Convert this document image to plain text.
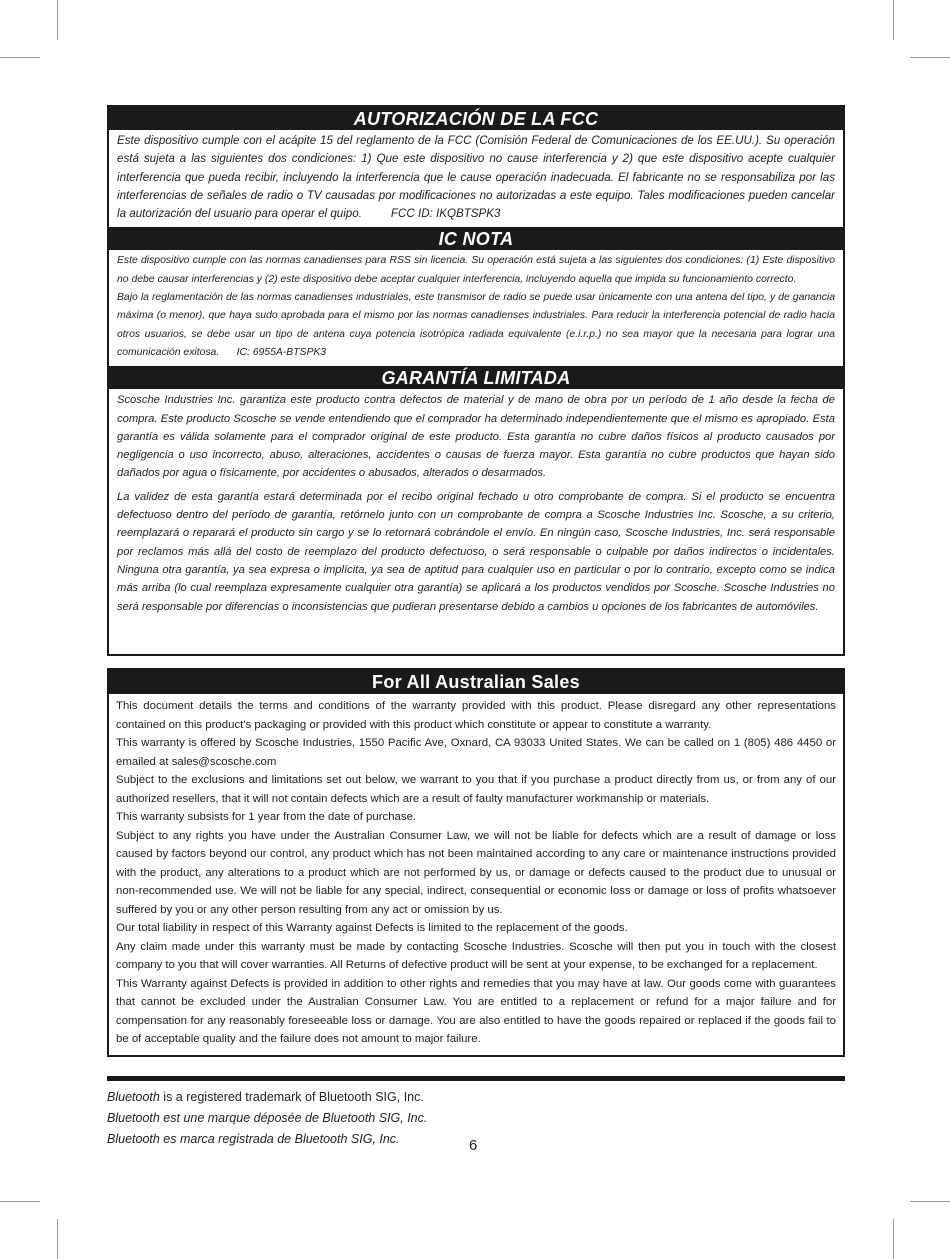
AUTORIZACIÓN DE LA FCC

Este dispositivo cumple con el acápite 15 del reglamento de la FCC (Comisión Federal de Comunicaciones de los EE.UU.). Su operación está sujeta a las siguientes dos condiciones: 1) Que este dispositivo no cause interferencia y 2) que este dispositivo acepte cualquier interferencia que pueda recibir, incluyendo la interferencia que le cause operación inadecuada. El fabricante no se responsabiliza por las interferencias de señales de radio o TV causadas por modificaciones no autorizadas a este equipo. Tales modificaciones pueden cancelar la autorización del usuario para operar el quipo.	FCC ID: IKQBTSPK3

IC NOTA

Este dispositivo cumple con las normas canadienses para RSS sin licencia. Su operación está sujeta a las siguientes dos condiciones: (1) Este dispositivo no debe causar interferencias y (2) este dispositivo debe aceptar cualquier interferencia, incluyendo aquella que impida su funcionamiento correcto.

Bajo la reglamentación de las normas canadienses industriales, este transmisor de radio se puede usar únicamente con una antena del tipo, y de ganancia máxima (o menor), que haya sudo aprobada para el mismo por las normas canadienses industriales. Para reducir la interferencia potencial de radio hacia otros usuarios, se debe usar un tipo de antena cuya potencia isotrópica radiada equivalente (e.i.r.p.) no sea mayor que la necesaria para lograr una comunicación exitosa. IC: 6955A-BTSPK3

GARANTÍA LIMITADA

Scosche Industries Inc. garantiza este producto contra defectos de material y de mano de obra por un período de 1 año desde la fecha de compra. Este producto Scosche se vende entendiendo que el comprador ha determinado independientemente que el mismo es apropiado. Esta garantía es válida solamente para el comprador original de este producto. Esta garantía no cubre daños físicos al producto causados por negligencia o uso incorrecto, abuso, alteraciones, accidentes o causas de fuerza mayor. Esta garantía no cubre productos que hayan sido dañados por agua o físicamente, por accidentes o abusados, alterados o desarmados.

La validez de esta garantía estará determinada por el recibo original fechado u otro comprobante de compra. Si el producto se encuentra defectuoso dentro del período de garantía, retórnelo junto con un comprobante de compra a Scosche Industries Inc. Scosche, a su criterio, reemplazará o reparará el producto sin cargo y se lo retornará cobrándole el envío. En ningún caso, Scosche Industries, Inc. será responsable por reclamos más allá del costo de reemplazo del producto defectuoso, o será responsable o culpable por daños indirectos o incidentales. Ninguna otra garantía, ya sea expresa o implícita, ya sea de aptitud para cualquier uso en particular o por lo contrario, excepto como se indica más arriba (lo cual reemplaza expresamente cualquier otra garantía) se aplicará a los productos vendidos por Scosche. Scosche Industries no será responsable por diferencias o inconsistencias que pudieran presentarse debido a cambios u opciones de los fabricantes de automóviles.

For All Australian Sales

This document details the terms and conditions of the warranty provided with this product. Please disregard any other representations contained on this product's packaging or provided with this product which constitute or appear to constitute a warranty.

This warranty is offered by Scosche Industries, 1550 Pacific Ave, Oxnard, CA 93033 United States. We can be called on 1 (805) 486 4450 or emailed at sales@scosche.com

Subject to the exclusions and limitations set out below, we warrant to you that if you purchase a product directly from us, or from any of our authorized resellers, that it will not contain defects which are a result of faulty manufacturer workmanship or materials.

This warranty subsists for 1 year from the date of purchase.

Subject to any rights you have under the Australian Consumer Law, we will not be liable for defects which are a result of damage or loss caused by factors beyond our control, any product which has not been maintained according to any care or maintenance instructions provided with the product, any alterations to a product which are not performed by us, or damage or defects caused to the product due to unusual or non-recommended use. We will not be liable for any special, indirect, consequential or economic loss or damage or loss of profits whatsoever suffered by you or any other person resulting from any act or omission by us.

Our total liability in respect of this Warranty against Defects is limited to the replacement of the goods.

Any claim made under this warranty must be made by contacting Scosche Industries. Scosche will then put you in touch with the closest company to you that will cover warranties. All Returns of defective product will be sent at your expense, to be exchanged for a replacement.

This Warranty against Defects is provided in addition to other rights and remedies that you may have at law. Our goods come with guarantees that cannot be excluded under the Australian Consumer Law. You are entitled to a replacement or refund for a major failure and for compensation for any reasonably foreseeable loss or damage. You are also entitled to have the goods repaired or replaced if the goods fail to be of acceptable quality and the failure does not amount to major failure.

Bluetooth is a registered trademark of Bluetooth SIG, Inc.
Bluetooth est une marque déposée de Bluetooth SIG, Inc.
Bluetooth es marca registrada de Bluetooth SIG, Inc.	6
